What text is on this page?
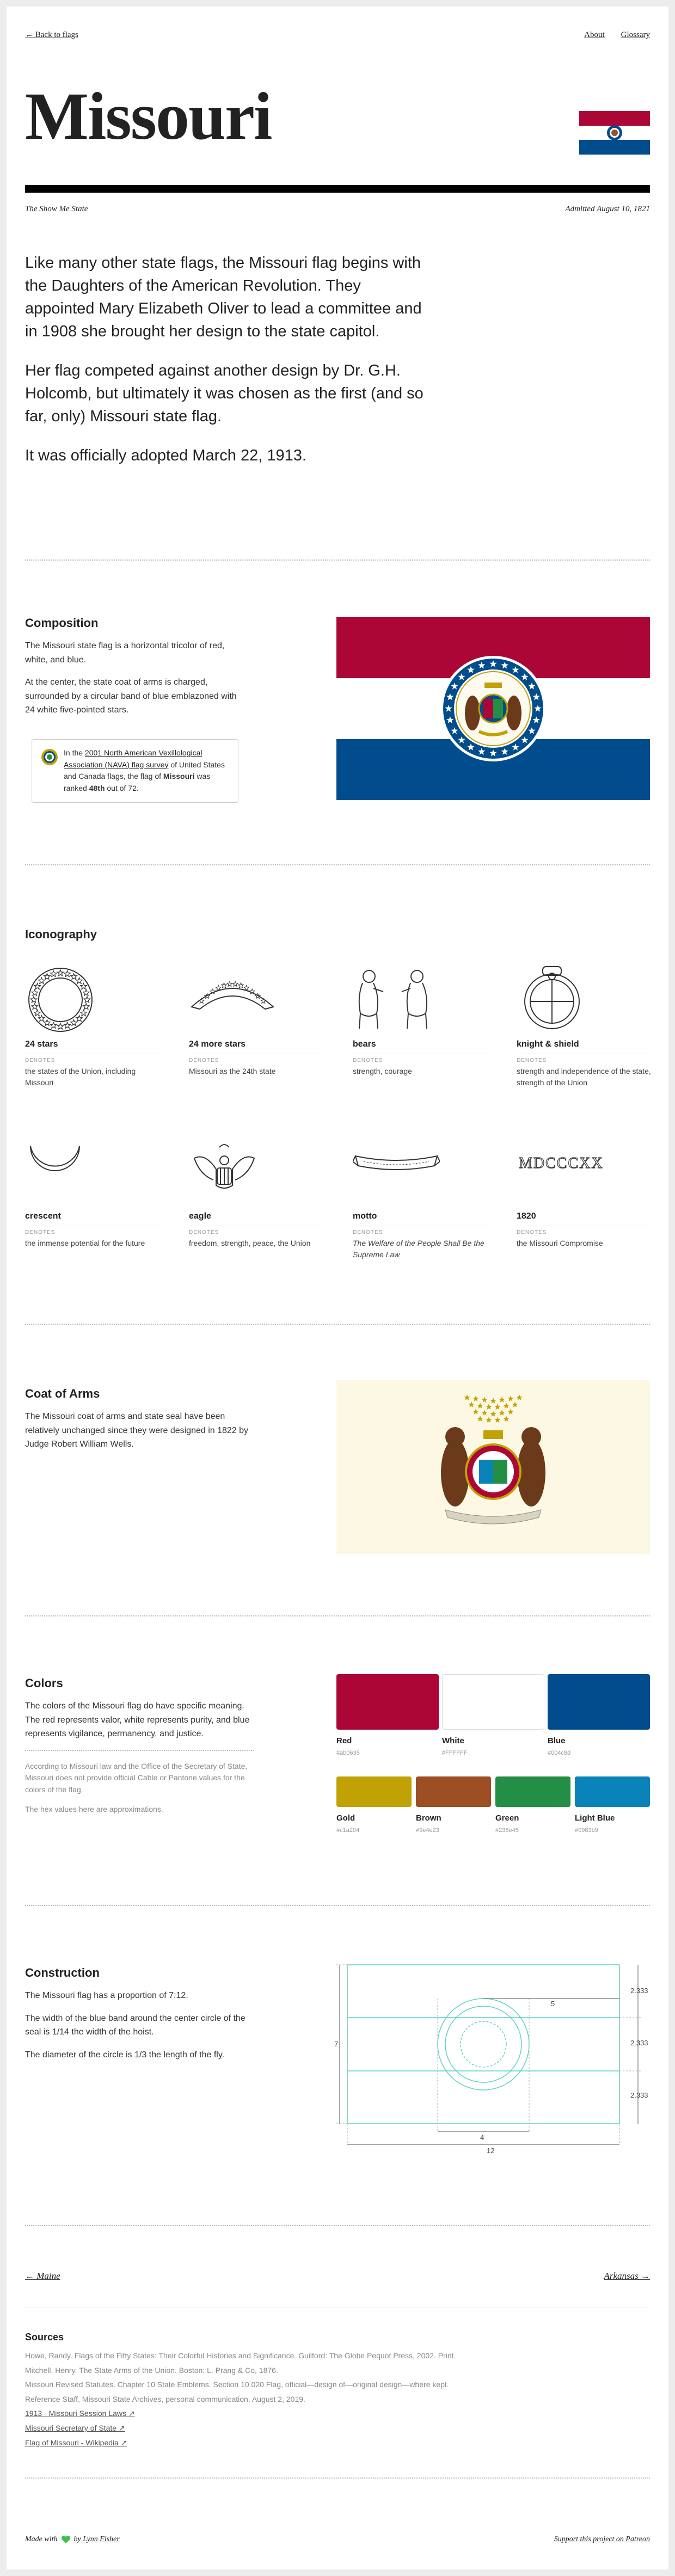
← Back to flags	About Glossary
Missouri
The Show Me State	Admitted August 10, 1821

Like many other state flags, the Missouri flag begins with the Daughters of the American Revolution. They appointed Mary Elizabeth Oliver to lead a committee and in 1908 she brought her design to the state capitol.

Her flag competed against another design by Dr. G.H. Holcomb, but ultimately it was chosen as the first (and so far, only) Missouri state flag.

It was officially adopted March 22, 1913.

Composition

The Missouri state flag is a horizontal tricolor of red, white, and blue.

At the center, the state coat of arms is charged, surrounded by a circular band of blue emblazoned with 24 white five-pointed stars.

In the 2001 North American Vexillological Association (NAVA) flag survey of United States and Canada flags, the flag of Missouri was ranked 48th out of 72.
Iconography
24 stars
DENOTES
the states of the Union, including Missouri
24 more stars
DENOTES
Missouri as the 24th state
bears
DENOTES
strength, courage
knight & shield
DENOTES
strength and independence of the state, strength of the Union
crescent
DENOTES
the immense potential for the future
eagle
DENOTES
freedom, strength, peace, the Union
motto
DENOTES
The Welfare of the People Shall Be the Supreme Law
MDCCCXX
1820
DENOTES
the Missouri Compromise
Coat of Arms

The Missouri coat of arms and state seal have been relatively unchanged since they were designed in 1822 by Judge Robert William Wells.

Colors

The colors of the Missouri flag do have specific meaning. The red represents valor, white represents purity, and blue represents vigilance, permanency, and justice.

According to Missouri law and the Office of the Secretary of State, Missouri does not provide official Cable or Pantone values for the colors of the flag.

The hex values here are approximations.

Construction

The Missouri flag has a proportion of 7:12.

The width of the blue band around the center circle of the seal is 1/14 the width of the hoist.

The diameter of the circle is 1/3 the length of the fly.

7
2.333
2.333
2.333
5
4
12
← Maine	Arkansas →
Sources
Howe, Randy. Flags of the Fifty States: Their Colorful Histories and Significance. Guilford: The Globe Pequot Press, 2002. Print.
Mitchell, Henry. The State Arms of the Union. Boston: L. Prang & Co, 1876.
Missouri Revised Statutes. Chapter 10 State Emblems. Section 10.020 Flag, official—design of—original design—where kept.
Reference Staff, Missouri State Archives, personal communication, August 2, 2019.
1913 - Missouri Session Laws ↗
Missouri Secretary of State ↗
Flag of Missouri - Wikipedia ↗
Made with by Lynn Fisher	Support this project on Patreon
Red
#ab0635
White
#FFFFFF
Blue
#004c8d
Gold
#c1a204
Brown
#9e4e23
Green
#238e45
Light Blue
#0983b9
